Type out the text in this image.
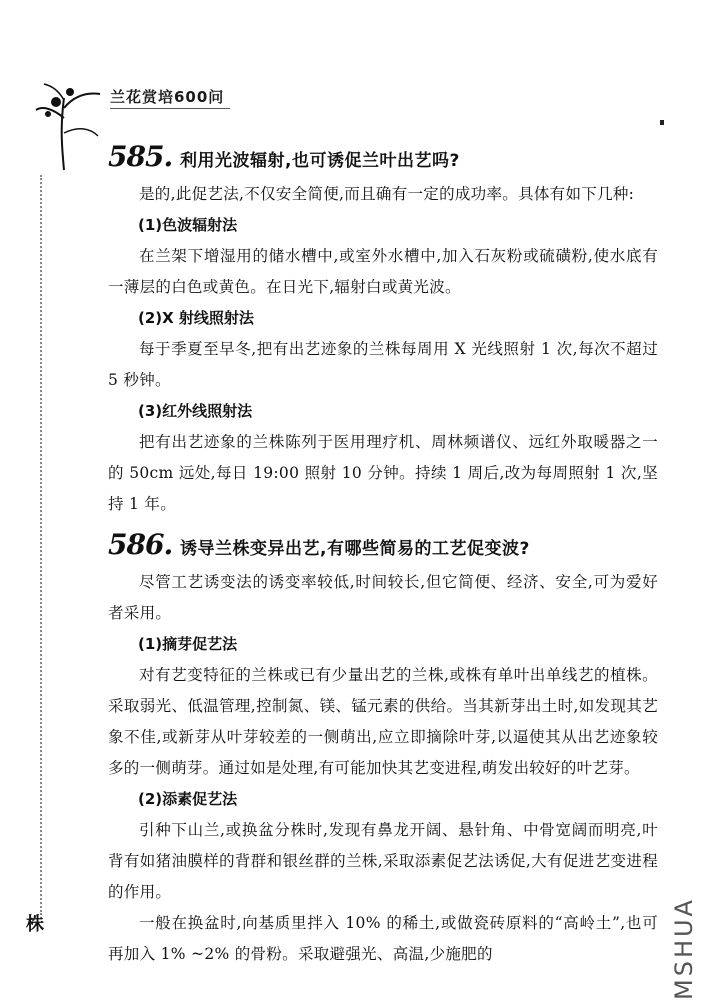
兰花赏培600问
585. 利用光波辐射,也可诱促兰叶出艺吗?

是的,此促艺法,不仅安全简便,而且确有一定的成功率。具体有如下几种:

(1)色波辐射法

在兰架下增湿用的储水槽中,或室外水槽中,加入石灰粉或硫磺粉,使水底有一薄层的白色或黄色。在日光下,辐射白或黄光波。

(2)X 射线照射法

每于季夏至早冬,把有出艺迹象的兰株每周用 X 光线照射 1 次,每次不超过 5 秒钟。

(3)红外线照射法

把有出艺迹象的兰株陈列于医用理疗机、周林频谱仪、远红外取暖器之一的 50cm 远处,每日 19:00 照射 10 分钟。持续 1 周后,改为每周照射 1 次,坚持 1 年。

586. 诱导兰株变异出艺,有哪些简易的工艺促变波?

尽管工艺诱变法的诱变率较低,时间较长,但它简便、经济、安全,可为爱好者采用。

(1)摘芽促艺法

对有艺变特征的兰株或已有少量出艺的兰株,或株有单叶出单线艺的植株。采取弱光、低温管理,控制氮、镁、锰元素的供给。当其新芽出土时,如发现其艺象不佳,或新芽从叶芽较差的一侧萌出,应立即摘除叶芽,以逼使其从出艺迹象较多的一侧萌芽。通过如是处理,有可能加快其艺变进程,萌发出较好的叶艺芽。

(2)添素促艺法

引种下山兰,或换盆分株时,发现有鼻龙开阔、悬针角、中骨宽阔而明亮,叶背有如猪油膜样的背群和银丝群的兰株,采取添素促艺法诱促,大有促进艺变进程的作用。

一般在换盆时,向基质里拌入 10% 的稀土,或做瓷砖原料的“高岭土”,也可再加入 1% ~2% 的骨粉。采取避强光、高温,少施肥的

株	MSHUA
